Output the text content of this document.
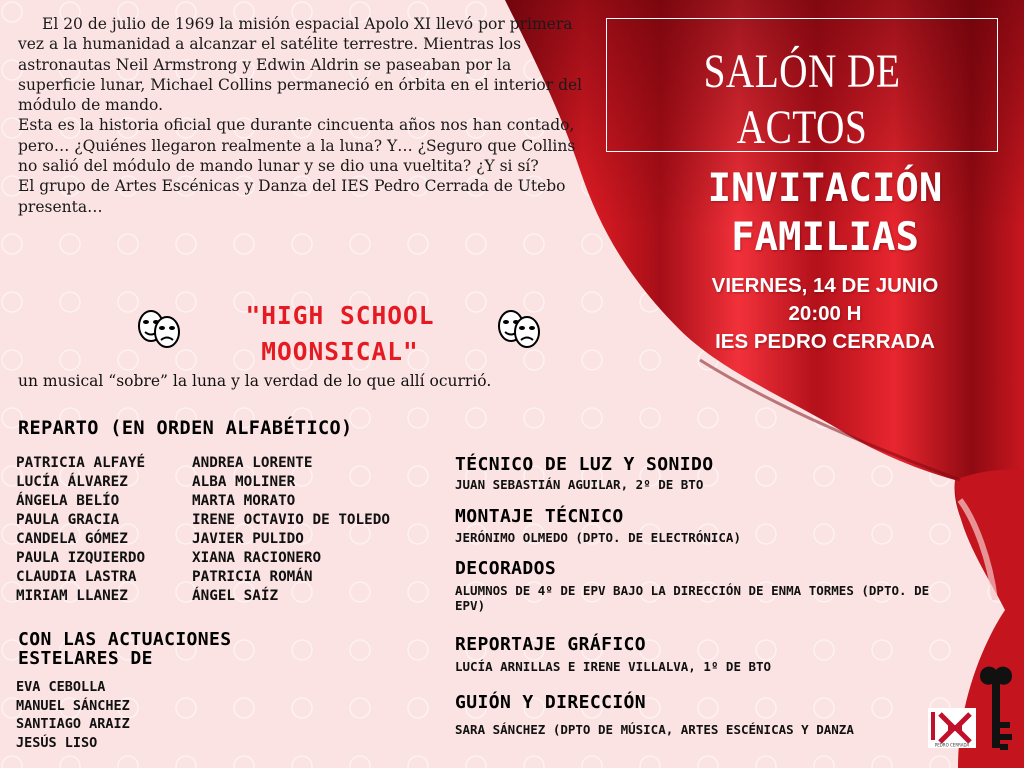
El 20 de julio de 1969 la misión espacial Apolo XI llevó por primera vez a la humanidad a alcanzar el satélite terrestre. Mientras los astronautas Neil Armstrong y Edwin Aldrin se paseaban por la superficie lunar, Michael Collins permaneció en órbita en el interior del módulo de mando.

Esta es la historia oficial que durante cincuenta años nos han contado, pero… ¿Quiénes llegaron realmente a la luna? Y… ¿Seguro que Collins no salió del módulo de mando lunar y se dio una vueltita? ¿Y si sí?

El grupo de Artes Escénicas y Danza del IES Pedro Cerrada de Utebo presenta…

"HIGH SCHOOL
MOONSICAL"
un musical “sobre” la luna y la verdad de lo que allí ocurrió.
REPARTO (EN ORDEN ALFABÉTICO)
PATRICIA ALFAYÉ
LUCÍA ÁLVAREZ
ÁNGELA BELÍO
PAULA GRACIA
CANDELA GÓMEZ
PAULA IZQUIERDO
CLAUDIA LASTRA
MIRIAM LLANEZ
ANDREA LORENTE
ALBA MOLINER
MARTA MORATO
IRENE OCTAVIO DE TOLEDO
JAVIER PULIDO
XIANA RACIONERO
PATRICIA ROMÁN
ÁNGEL SAÍZ
CON LAS ACTUACIONES
ESTELARES DE
EVA CEBOLLA
MANUEL SÁNCHEZ
SANTIAGO ARAIZ
JESÚS LISO
TÉCNICO DE LUZ Y SONIDO
JUAN SEBASTIÁN AGUILAR, 2º DE BTO
MONTAJE TÉCNICO
JERÓNIMO OLMEDO (DPTO. DE ELECTRÓNICA)
DECORADOS
ALUMNOS DE 4º DE EPV BAJO LA DIRECCIÓN DE ENMA TORMES (DPTO. DE EPV)
REPORTAJE GRÁFICO
LUCÍA ARNILLAS E IRENE VILLALVA, 1º DE BTO
GUIÓN Y DIRECCIÓN
SARA SÁNCHEZ (DPTO DE MÚSICA, ARTES ESCÉNICAS Y DANZA
SALÓN DE ACTOS
INVITACIÓN
FAMILIAS
VIERNES, 14 DE JUNIO
20:00 H
IES PEDRO CERRADA
PEDRO CERRADA
